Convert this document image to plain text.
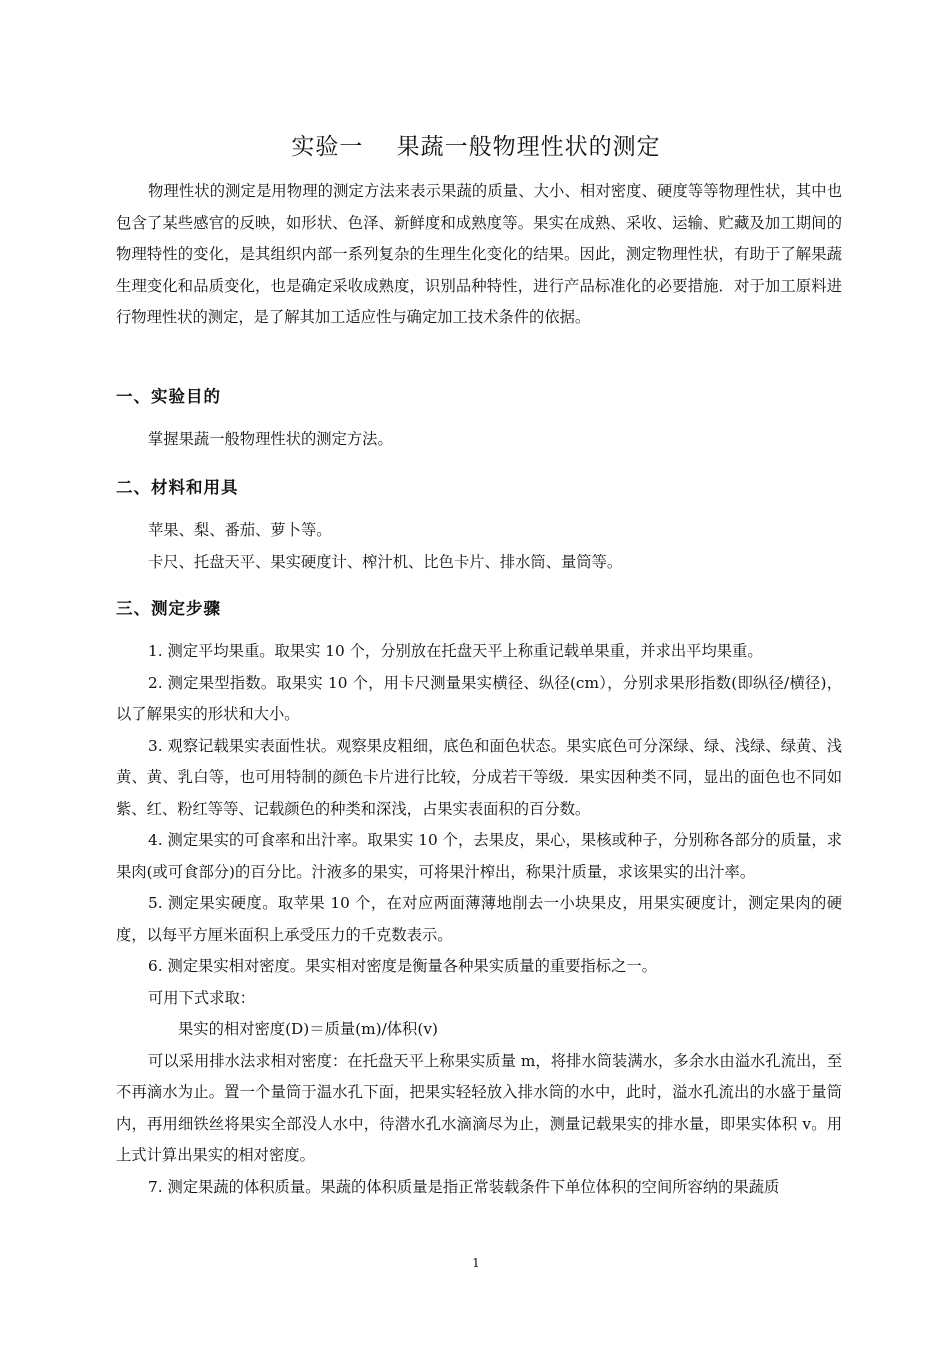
实验一    果蔬一般物理性状的测定

物理性状的测定是用物理的测定方法来表示果蔬的质量、大小、相对密度、硬度等等物理性状，其中也包含了某些感官的反映，如形状、色泽、新鲜度和成熟度等。果实在成熟、采收、运输、贮藏及加工期间的物理特性的变化，是其组织内部一系列复杂的生理生化变化的结果。因此，测定物理性状，有助于了解果蔬生理变化和品质变化，也是确定采收成熟度，识别品种特性，进行产品标准化的必要措施．对于加工原料进行物理性状的测定，是了解其加工适应性与确定加工技术条件的依据。

一、实验目的

掌握果蔬一般物理性状的测定方法。

二、材料和用具

苹果、梨、番茄、萝卜等。

卡尺、托盘天平、果实硬度计、榨汁机、比色卡片、排水筒、量筒等。

三、测定步骤

1. 测定平均果重。取果实 10 个，分别放在托盘天平上称重记载单果重，并求出平均果重。

2. 测定果型指数。取果实 10 个，用卡尺测量果实横径、纵径(cm），分别求果形指数(即纵径/横径)，以了解果实的形状和大小。

3. 观察记载果实表面性状。观察果皮粗细，底色和面色状态。果实底色可分深绿、绿、浅绿、绿黄、浅黄、黄、乳白等，也可用特制的颜色卡片进行比较，分成若干等级．果实因种类不同，显出的面色也不同如紫、红、粉红等等、记载颜色的种类和深浅，占果实表面积的百分数。

4. 测定果实的可食率和出汁率。取果实 10 个，去果皮，果心，果核或种子，分别称各部分的质量，求果肉(或可食部分)的百分比。汁液多的果实，可将果汁榨出，称果汁质量，求该果实的出汁率。

5. 测定果实硬度。取苹果 10 个，在对应两面薄薄地削去一小块果皮，用果实硬度计，测定果肉的硬度，以每平方厘米面积上承受压力的千克数表示。

6. 测定果实相对密度。果实相对密度是衡量各种果实质量的重要指标之一。

可用下式求取：

果实的相对密度(D)＝质量(m)/体积(v)

可以采用排水法求相对密度：在托盘天平上称果实质量 m，将排水筒装满水，多余水由溢水孔流出，至不再滴水为止。置一个量筒于温水孔下面，把果实轻轻放入排水筒的水中，此时，溢水孔流出的水盛于量筒内，再用细铁丝将果实全部没人水中，待潜水孔水滴滴尽为止，测量记载果实的排水量，即果实体积 v。用上式计算出果实的相对密度。

7. 测定果蔬的体积质量。果蔬的体积质量是指正常装载条件下单位体积的空间所容纳的果蔬质

1
